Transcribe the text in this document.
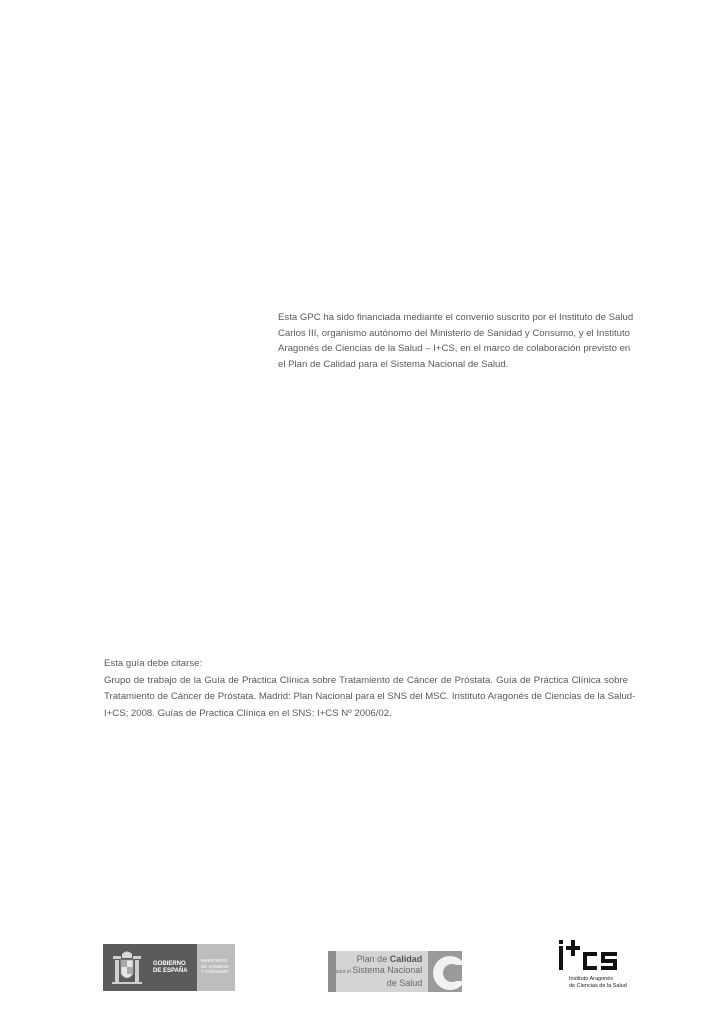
Esta GPC ha sido financiada mediante el convenio suscrito por el Instituto de Salud
Carlos III, organismo autónomo del Ministerio de Sanidad y Consumo, y el Instituto
Aragonés de Ciencias de la Salud – I+CS, en el marco de colaboración previsto en
el Plan de Calidad para el Sistema Nacional de Salud.
Esta guía debe citarse:
Grupo de trabajo de la Guía de Práctica Clínica sobre Tratamiento de Cáncer de Próstata. Guía de Práctica Clínica sobre
Tratamiento de Cáncer de Próstata. Madrid: Plan Nacional para el SNS del MSC. Instituto Aragonés de Ciencias de la Salud-
I+CS; 2008. Guías de Practica Clínica en el SNS: I+CS Nº 2006/02.
GOBIERNO
DE ESPAÑA
MINISTERIO
DE SANIDAD
Y CONSUMO
Plan de Calidad
para el Sistema Nacional
de Salud	Instituto Aragonés
de Ciencias de la Salud
